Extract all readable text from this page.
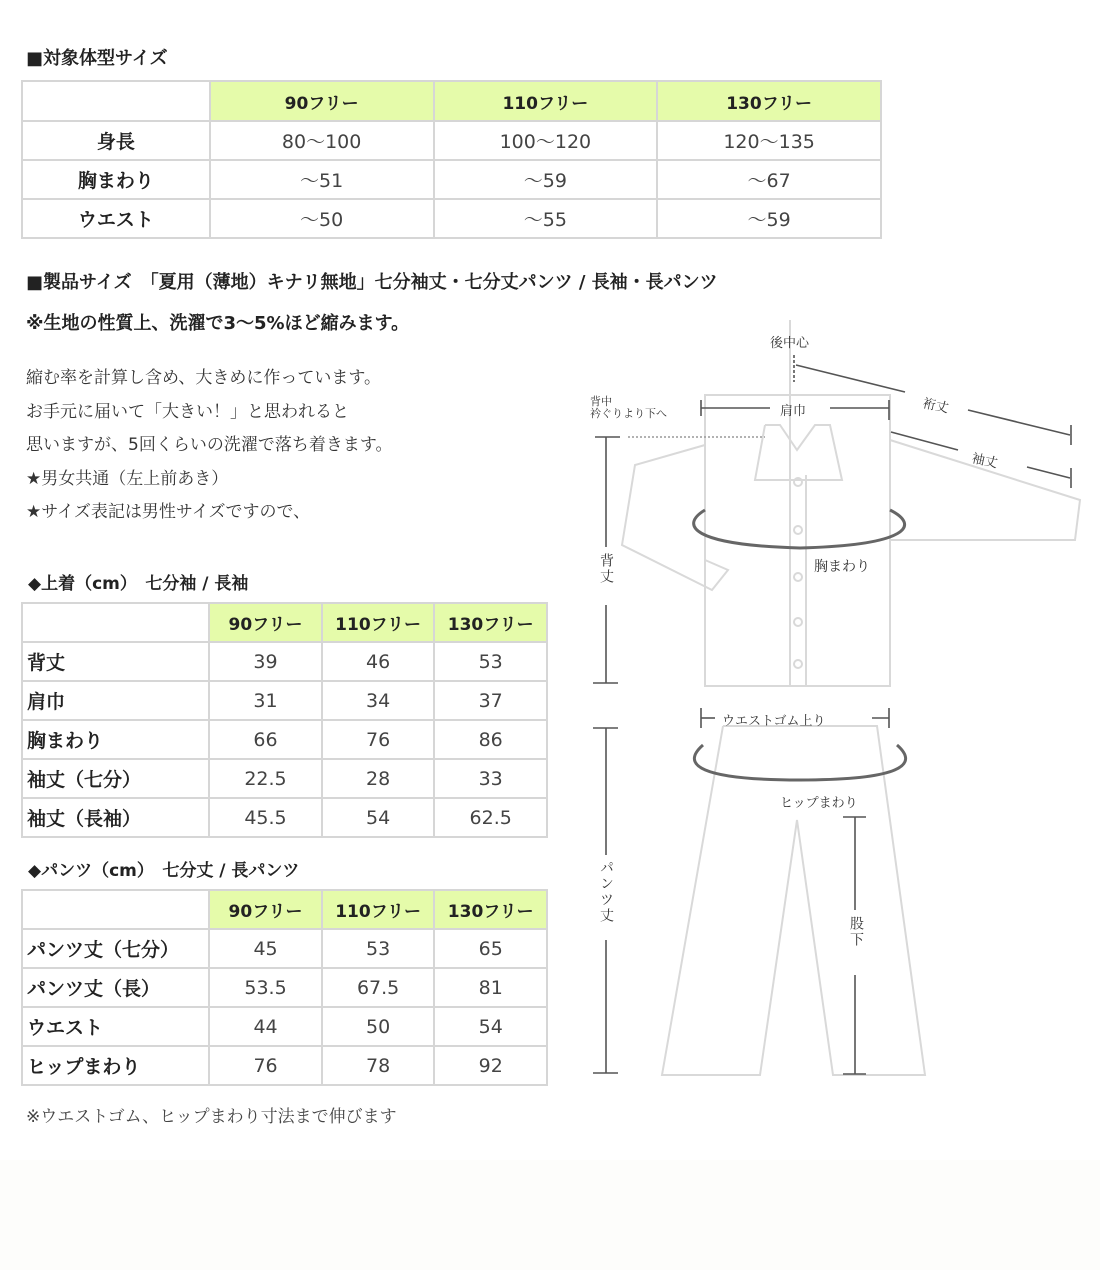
■対象体型サイズ
	90フリー	110フリー	130フリー
身長	80～100	100～120	120～135
胸まわり	～51	～59	～67
ウエスト	～50	～55	～59
■製品サイズ　「夏用（薄地）キナリ無地」七分袖丈・七分丈パンツ / 長袖・長パンツ
※生地の性質上、洗濯で3～5%ほど縮みます。
縮む率を計算し含め、大きめに作っています。
お手元に届いて「大きい！」と思われると
思いますが、5回くらいの洗濯で落ち着きます。
★男女共通（左上前あき）
★サイズ表記は男性サイズですので、
◆上着（cm）　七分袖 / 長袖
	90フリー	110フリー	130フリー
背丈	39	46	53
肩巾	31	34	37
胸まわり	66	76	86
袖丈（七分）	22.5	28	33
袖丈（長袖）	45.5	54	62.5
◆パンツ（cm）　七分丈 / 長パンツ
	90フリー	110フリー	130フリー
パンツ丈（七分）	45	53	65
パンツ丈（長）	53.5	67.5	81
ウエスト	44	50	54
ヒップまわり	76	78	92
※ウエストゴム、ヒップまわり寸法まで伸びます
後中心
背中
衿ぐりより下へ	肩巾	裄丈
袖丈
背丈	胸まわり
ウエストゴム上り
ヒップまわり
パンツ丈
股下
